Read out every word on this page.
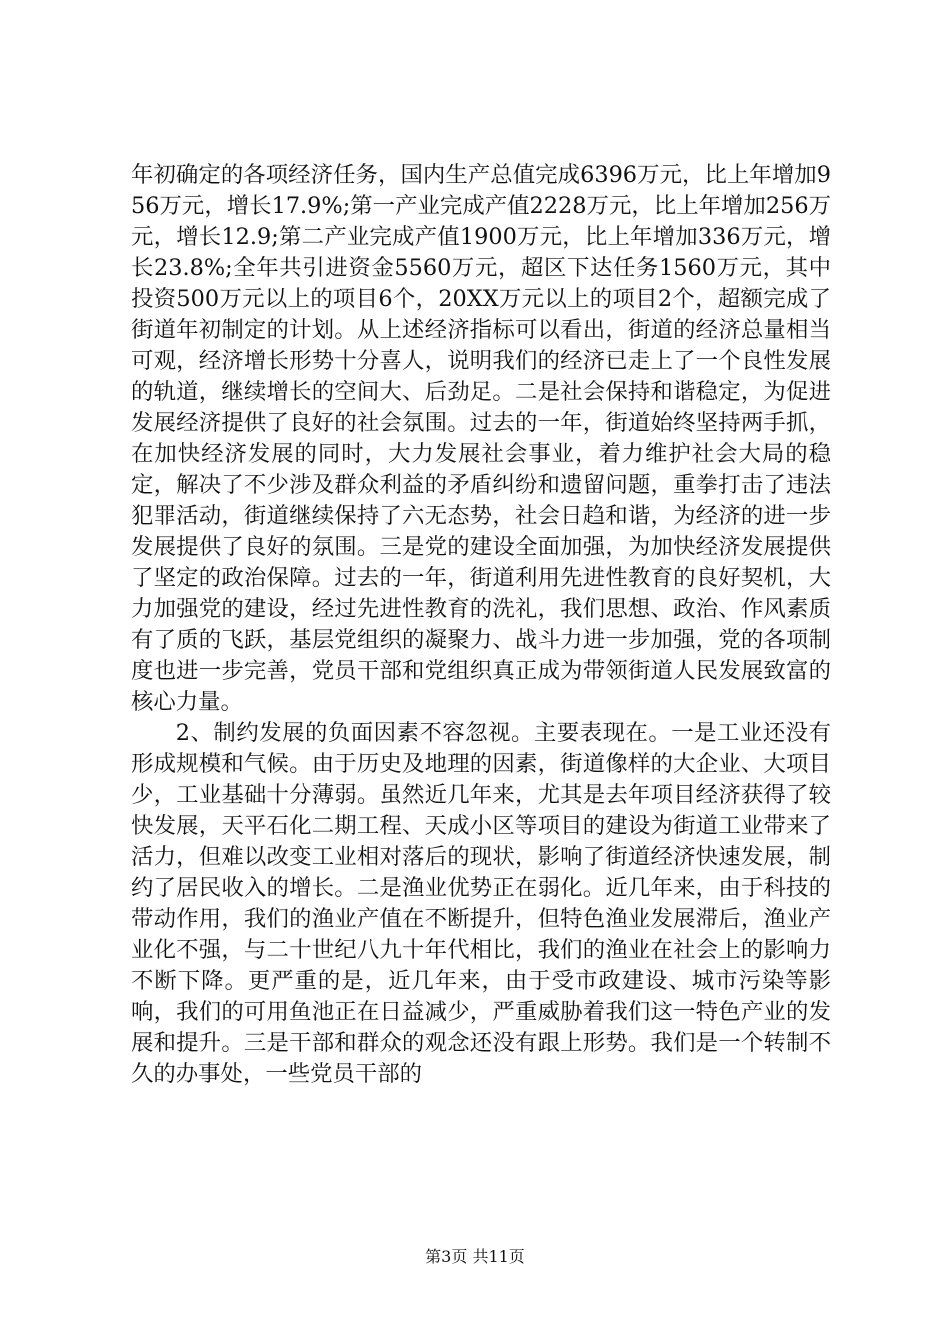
年初确定的各项经济任务，国内生产总值完成6396万元，比上年增加956万元，增长17.9%;第一产业完成产值2228万元，比上年增加256万元，增长12.9;第二产业完成产值1900万元，比上年增加336万元，增长23.8%;全年共引进资金5560万元，超区下达任务1560万元，其中投资500万元以上的项目6个，20XX万元以上的项目2个，超额完成了街道年初制定的计划。从上述经济指标可以看出，街道的经济总量相当可观，经济增长形势十分喜人，说明我们的经济已走上了一个良性发展的轨道，继续增长的空间大、后劲足。二是社会保持和谐稳定，为促进发展经济提供了良好的社会氛围。过去的一年，街道始终坚持两手抓，在加快经济发展的同时，大力发展社会事业，着力维护社会大局的稳定，解决了不少涉及群众利益的矛盾纠纷和遗留问题，重拳打击了违法犯罪活动，街道继续保持了六无态势，社会日趋和谐，为经济的进一步发展提供了良好的氛围。三是党的建设全面加强，为加快经济发展提供了坚定的政治保障。过去的一年，街道利用先进性教育的良好契机，大力加强党的建设，经过先进性教育的洗礼，我们思想、政治、作风素质有了质的飞跃，基层党组织的凝聚力、战斗力进一步加强，党的各项制度也进一步完善，党员干部和党组织真正成为带领街道人民发展致富的核心力量。

2、制约发展的负面因素不容忽视。主要表现在。一是工业还没有形成规模和气候。由于历史及地理的因素，街道像样的大企业、大项目少，工业基础十分薄弱。虽然近几年来，尤其是去年项目经济获得了较快发展，天平石化二期工程、天成小区等项目的建设为街道工业带来了活力，但难以改变工业相对落后的现状，影响了街道经济快速发展，制约了居民收入的增长。二是渔业优势正在弱化。近几年来，由于科技的带动作用，我们的渔业产值在不断提升，但特色渔业发展滞后，渔业产业化不强，与二十世纪八九十年代相比，我们的渔业在社会上的影响力不断下降。更严重的是，近几年来，由于受市政建设、城市污染等影响，我们的可用鱼池正在日益减少，严重威胁着我们这一特色产业的发展和提升。三是干部和群众的观念还没有跟上形势。我们是一个转制不久的办事处，一些党员干部的

第3页 共11页
